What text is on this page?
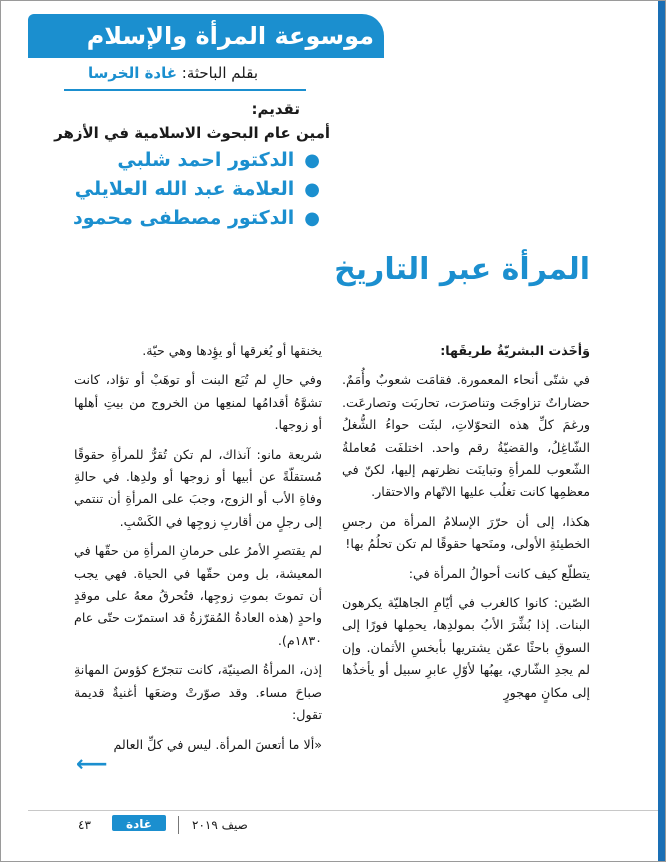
موسوعة المرأة والإسلام
بقلم الباحثة: غادة الخرسا
تقديم:
أمين عام البحوث الاسلامية في الأزهر
●الدكتور احمد شلبي
●العلامة عبد الله العلايلي
●الدكتور مصطفى محمود
المرأة عبر التاريخ

وَأخَذت البشريّةُ طريقَها:

في شتّى أنحاء المعمورة. فقامَت شعوبٌ وأُمَمٌ. حضاراتٌ تزاوجَت وتناصرَت، تحاربَت وتصارعَت. ورغمَ كلِّ هذه التحوّلاتِ، لبثَت حواءُ الشُّغلُ الشّاغِلُ، والقضيّةُ رقم واحد. اختلفَت مُعاملةُ الشّعوب للمرأةِ وتباينَت نظرتهم إليها، لكنّ في معظمِها كانت تغلُب عليها الاتّهام والاحتقار.

هكذا، إلى أن حرّرَ الإسلامُ المرأة من رجسِ الخطيئةِ الأولى، ومنَحها حقوقًا لم تكن تحلُمُ بها!

يتطلّع كيف كانت أحوالُ المرأة في:

الصّين: كانوا كالغرب في أيّامِ الجاهليّة يكرهون البنات. إذا بُشِّرَ الأبُ بمولدِها، يحمِلها فورًا إلى السوقِ باحثًا عمّن يشتريها بأبخسِ الأثمان. وإن لم يجدِ الشّاري، يهبُها لأوّلِ عابرِ سبيل أو يأخذُها إلى مكانٍ مهجورٍ

يخنقها أو يُغرقها أو يؤِدها وهي حيّة.

وفي حالِ لم تُبَع البنت أو توهَبْ أو تؤاد، كانت تشوَّهُ أقدامُها لمنعِها من الخروج من بيتِ أهلها أو زوجها.

شريعة مانو: آنذاك، لم تكن تُقرُّ للمرأةِ حقوقًا مُستقلّةً عن أبيها أو زوجها أو ولدِها. في حالةِ وفاةِ الأب أو الزوج، وجبَ على المرأةِ أن تنتمي إلى رجلٍ من أقاربِ زوجِها في الكَسْبِ.

لم يقتصرِ الأمرُ على حرمانِ المرأةِ من حقّها في المعيشة، بل ومن حقّها في الحياة. فهي يجب أن تموتَ بموتِ زوجِها، فتُحرقُ معهُ على موقدٍ واحدٍ (هذه العادةُ المُقرّزةُ قد استمرّت حتّى عام ١٨٣٠م).

إذن، المرأةُ الصينيّة، كانت تتجرّع كؤوسَ المهانةِ صباحَ مساء. وقد صوّرتْ وضعَها أغنيةٌ قديمة تقول:

«ألا ما أتعسَ المرأة. ليس في كلِّ العالم

⟵
٤٣	غادة	صيف ٢٠١٩
